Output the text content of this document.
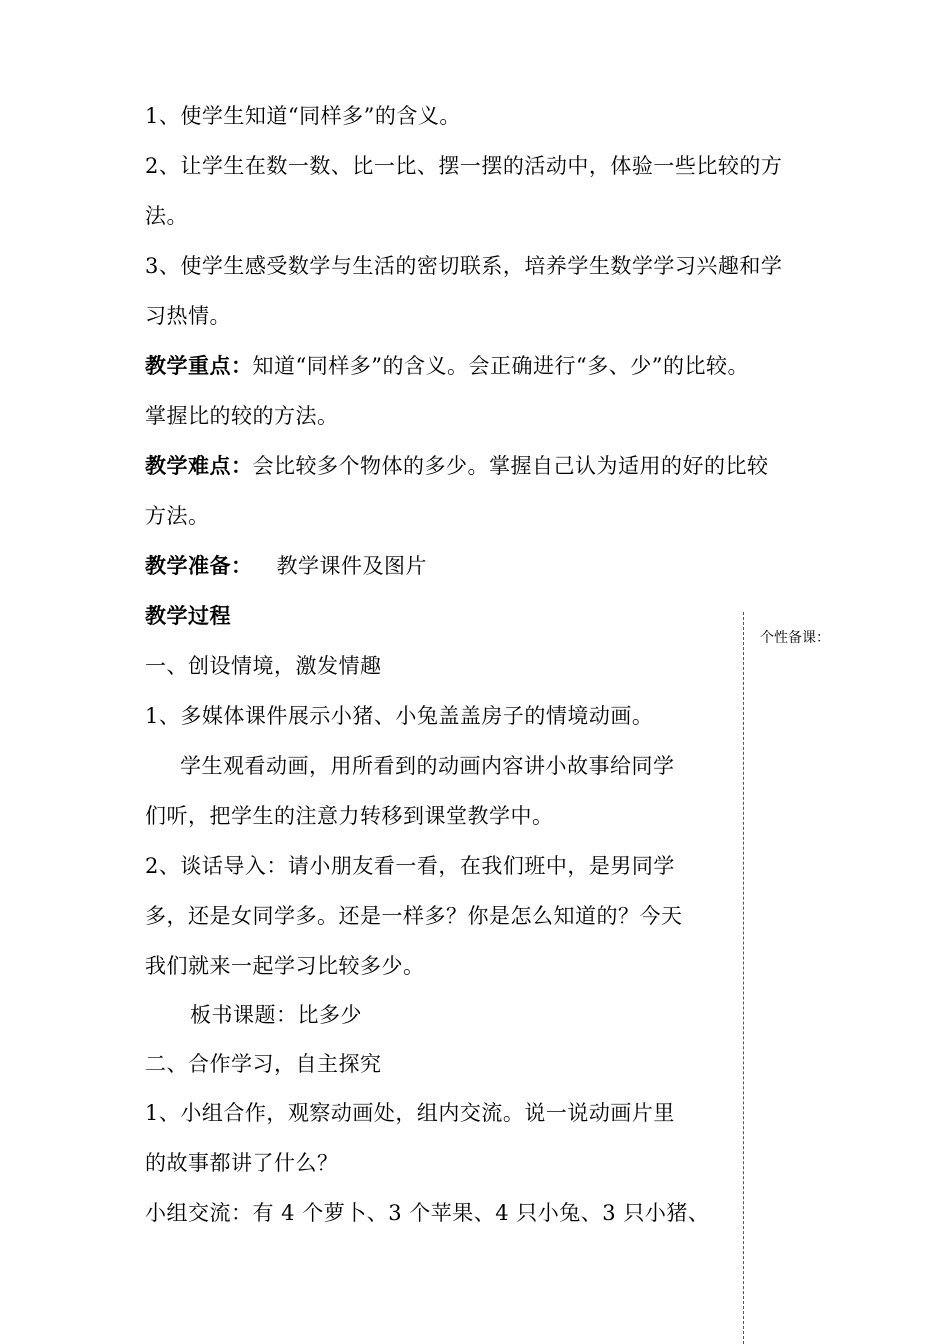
1、使学生知道“同样多”的含义。
2、让学生在数一数、比一比、摆一摆的活动中，体验一些比较的方
法。
3、使学生感受数学与生活的密切联系，培养学生数学学习兴趣和学
习热情。
教学重点：知道“同样多”的含义。会正确进行“多、少”的比较。
掌握比的较的方法。
教学难点：会比较多个物体的多少。掌握自己认为适用的好的比较
方法。
教学准备： 教学课件及图片
教学过程
一、创设情境，激发情趣
1、多媒体课件展示小猪、小兔盖盖房子的情境动画。
学生观看动画，用所看到的动画内容讲小故事给同学
们听，把学生的注意力转移到课堂教学中。
2、谈话导入：请小朋友看一看，在我们班中，是男同学
多，还是女同学多。还是一样多？你是怎么知道的？今天
我们就来一起学习比较多少。
板书课题：比多少
二、合作学习，自主探究
1、小组合作，观察动画处，组内交流。说一说动画片里
的故事都讲了什么？
小组交流：有 4 个萝卜、3 个苹果、4 只小兔、3 只小猪、
个性备课：
